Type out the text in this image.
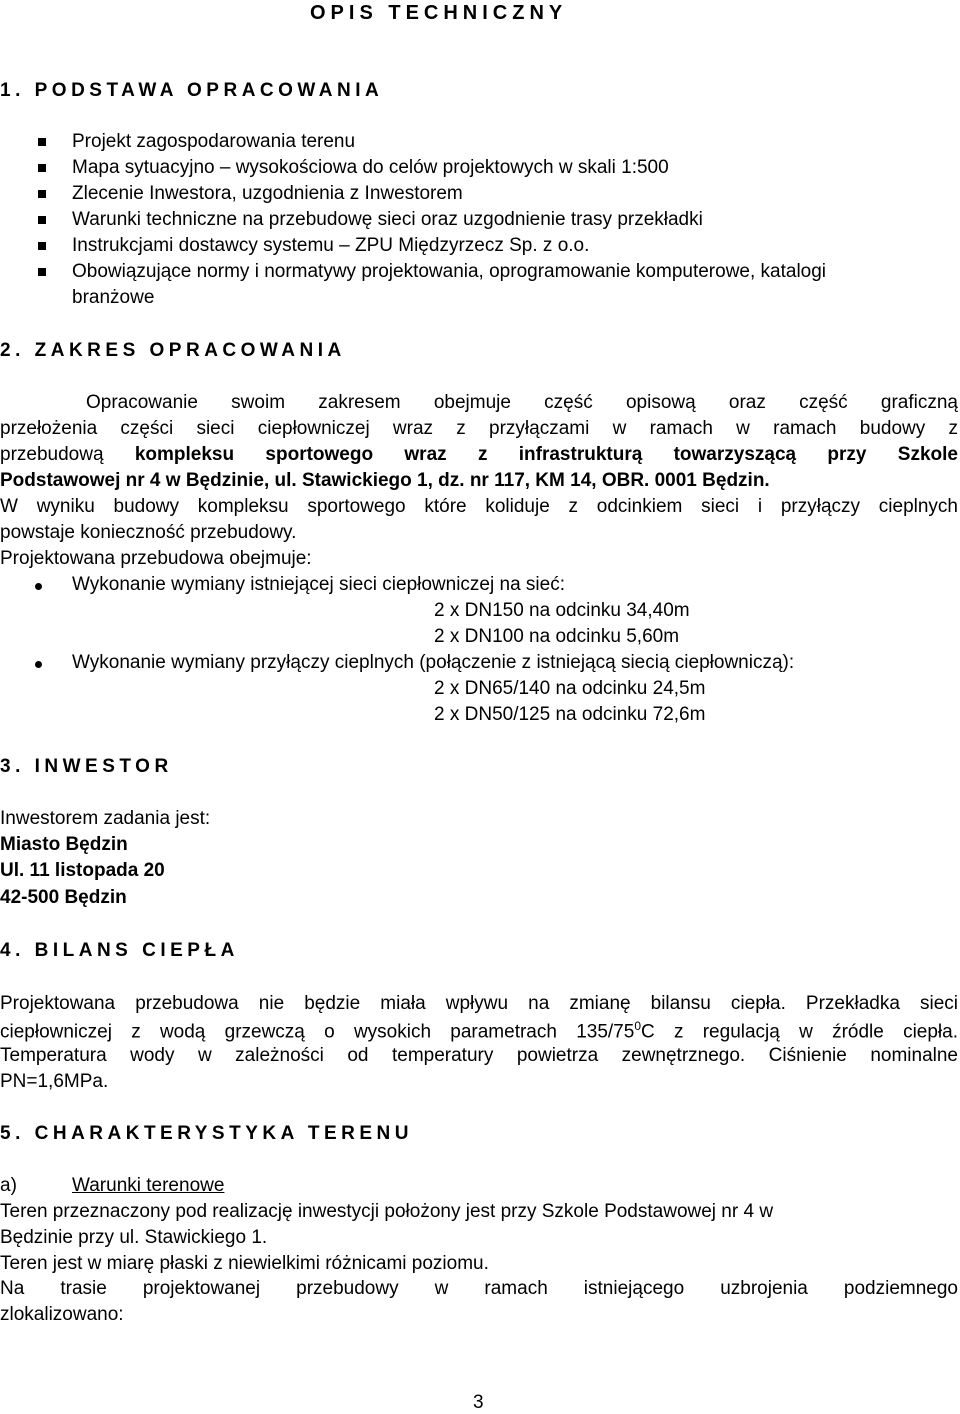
OPIS TECHNICZNY
1. PODSTAWA OPRACOWANIA
Projekt zagospodarowania terenu
Mapa sytuacyjno – wysokościowa do celów projektowych w skali 1:500
Zlecenie Inwestora, uzgodnienia z Inwestorem
Warunki techniczne na przebudowę sieci oraz uzgodnienie trasy przekładki
Instrukcjami dostawcy systemu – ZPU Międzyrzecz Sp. z o.o.
Obowiązujące normy i normatywy projektowania, oprogramowanie komputerowe, katalogi
branżowe
2. ZAKRES OPRACOWANIA
Opracowanie swoim zakresem obejmuje część opisową oraz część graficzną
przełożenia części sieci ciepłowniczej wraz z przyłączami w ramach w ramach budowy z
przebudową kompleksu sportowego wraz z infrastrukturą towarzyszącą przy Szkole
Podstawowej nr 4 w Będzinie, ul. Stawickiego 1, dz. nr 117, KM 14, OBR. 0001 Będzin.
W wyniku budowy kompleksu sportowego które koliduje z odcinkiem sieci i przyłączy cieplnych
powstaje konieczność przebudowy.
Projektowana przebudowa obejmuje:
Wykonanie wymiany istniejącej sieci ciepłowniczej na sieć:
2 x DN150 na odcinku 34,40m
2 x DN100 na odcinku 5,60m
Wykonanie wymiany przyłączy cieplnych (połączenie z istniejącą siecią ciepłowniczą):
2 x DN65/140 na odcinku 24,5m
2 x DN50/125 na odcinku 72,6m
3. INWESTOR
Inwestorem zadania jest:
Miasto Będzin
Ul. 11 listopada 20
42-500 Będzin
4. BILANS CIEPŁA
Projektowana przebudowa nie będzie miała wpływu na zmianę bilansu ciepła. Przekładka sieci
ciepłowniczej z wodą grzewczą o wysokich parametrach $135/75^0C$ z regulacją w źródle ciepła.
Temperatura wody w zależności od temperatury powietrza zewnętrznego. Ciśnienie nominalne
PN=1,6MPa.
5. CHARAKTERYSTYKA TERENU
a)	Warunki terenowe
Teren przeznaczony pod realizację inwestycji położony jest przy Szkole Podstawowej nr 4 w
Będzinie przy ul. Stawickiego 1.
Teren jest w miarę płaski z niewielkimi różnicami poziomu.
Na trasie projektowanej przebudowy w ramach istniejącego uzbrojenia podziemnego
zlokalizowano:
3
